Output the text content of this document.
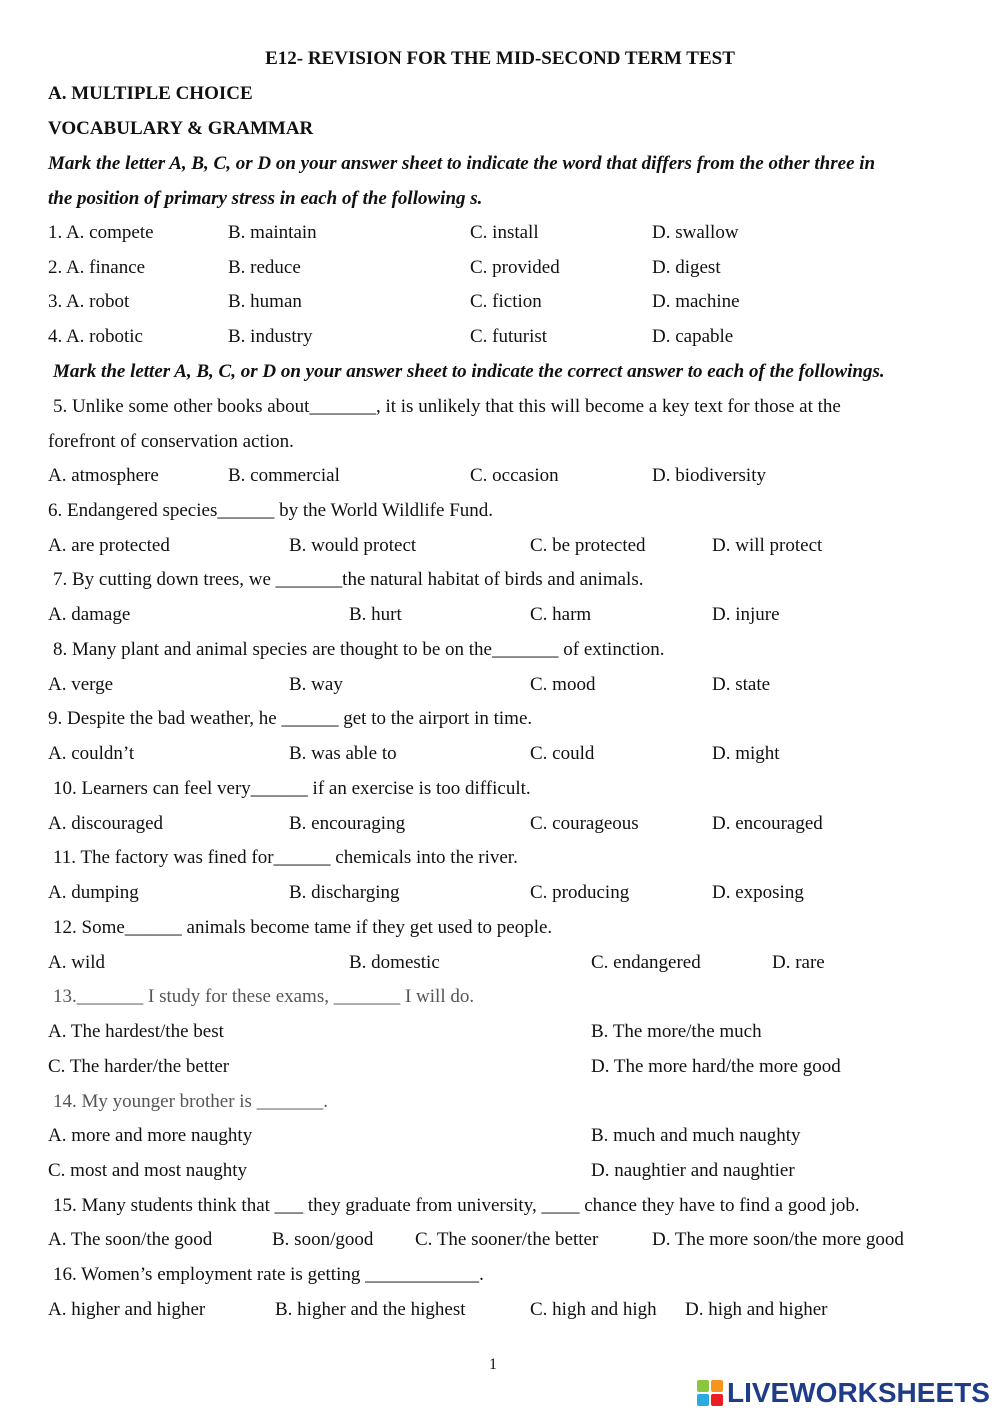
E12- REVISION FOR THE MID-SECOND TERM TEST
A. MULTIPLE CHOICE
VOCABULARY & GRAMMAR
Mark the letter A, B, C, or D on your answer sheet to indicate the word that differs from the other three in
the position of primary stress in each of the following s.
1. A. compete	B. maintain	C. install	D. swallow
2. A. finance	B. reduce	C. provided	D. digest
3. A. robot	B. human	C. fiction	D. machine
4. A. robotic	B. industry	C. futurist	D. capable
Mark the letter A, B, C, or D on your answer sheet to indicate the correct answer to each of the followings.
5. Unlike some other books about_______, it is unlikely that this will become a key text for those at the
forefront of conservation action.
A. atmosphere	B. commercial	C. occasion	D. biodiversity
6. Endangered species______ by the World Wildlife Fund.
A. are protected	B. would protect	C. be protected	D. will protect
7. By cutting down trees, we _______the natural habitat of birds and animals.
A. damage	B. hurt	C. harm	D. injure
8. Many plant and animal species are thought to be on the_______ of extinction.
A. verge	B. way	C. mood	D. state
9. Despite the bad weather, he ______ get to the airport in time.
A. couldn’t	B. was able to	C. could	D. might
10. Learners can feel very______ if an exercise is too difficult.
A. discouraged	B. encouraging	C. courageous	D. encouraged
11. The factory was fined for______ chemicals into the river.
A. dumping	B. discharging	C. producing	D. exposing
12. Some______ animals become tame if they get used to people.
A. wild	B. domestic	C. endangered	D. rare
13._______ I study for these exams, _______ I will do.
A. The hardest/the best	B. The more/the much
C. The harder/the better	D. The more hard/the more good
14. My younger brother is _______.
A. more and more naughty	B. much and much naughty
C. most and most naughty	D. naughtier and naughtier
15. Many students think that ___ they graduate from university, ____ chance they have to find a good job.
A. The soon/the good	B. soon/good C. The sooner/the better	D. The more soon/the more good
16. Women’s employment rate is getting ____________.
A. higher and higher	B. higher and the highest	C. high and high D. high and higher
1
LIVEWORKSHEETS
